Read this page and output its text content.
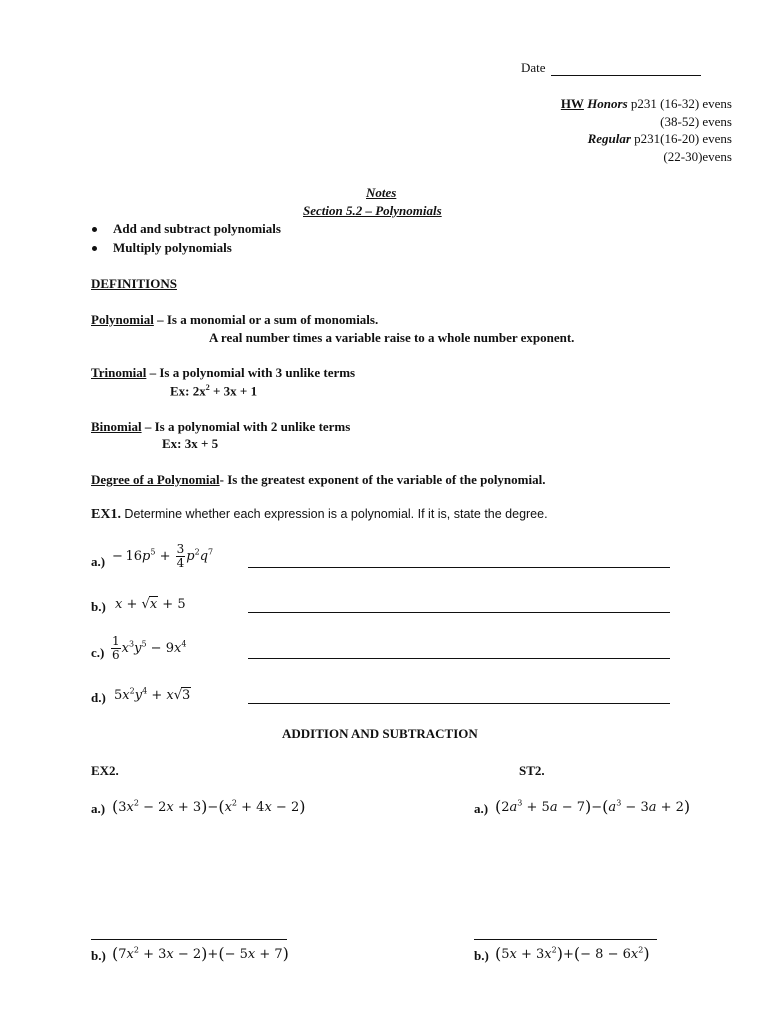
Date
HW Honors p231 (16-32) evens
(38-52) evens
Regular p231(16-20) evens
(22-30)evens
Notes
Section 5.2 – Polynomials
Add and subtract polynomials
Multiply polynomials
DEFINITIONS
Polynomial – Is a monomial or a sum of monomials.
A real number times a variable raise to a whole number exponent.
Trinomial – Is a polynomial with 3 unlike terms
Ex: $2x^2 + 3x + 1$
Binomial – Is a polynomial with 2 unlike terms
Ex: 3x + 5
Degree of a Polynomial- Is the greatest exponent of the variable of the polynomial.
EX1. Determine whether each expression is a polynomial. If it is, state the degree.
$a.) - 16p^5 + \frac{3}{4} p^2q^7$
b.) x + √x + 5
$c.) \frac{1}{6} x^3y^5 - 9x^4$
d.) $5x^2y^4 + x√3$
ADDITION AND SUBTRACTION
EX2.	ST2.
a.) $(3x^2 - 2x + 3)-(x^2 + 4x - 2)$	a.) $(2a^3 + 5a - 7)-(a^3 - 3a + 2)$
b.) $(7x^2 + 3x - 2)+(- 5x + 7)$	b.) $(5x + 3x^2)+(- 8 - 6x^2)$
